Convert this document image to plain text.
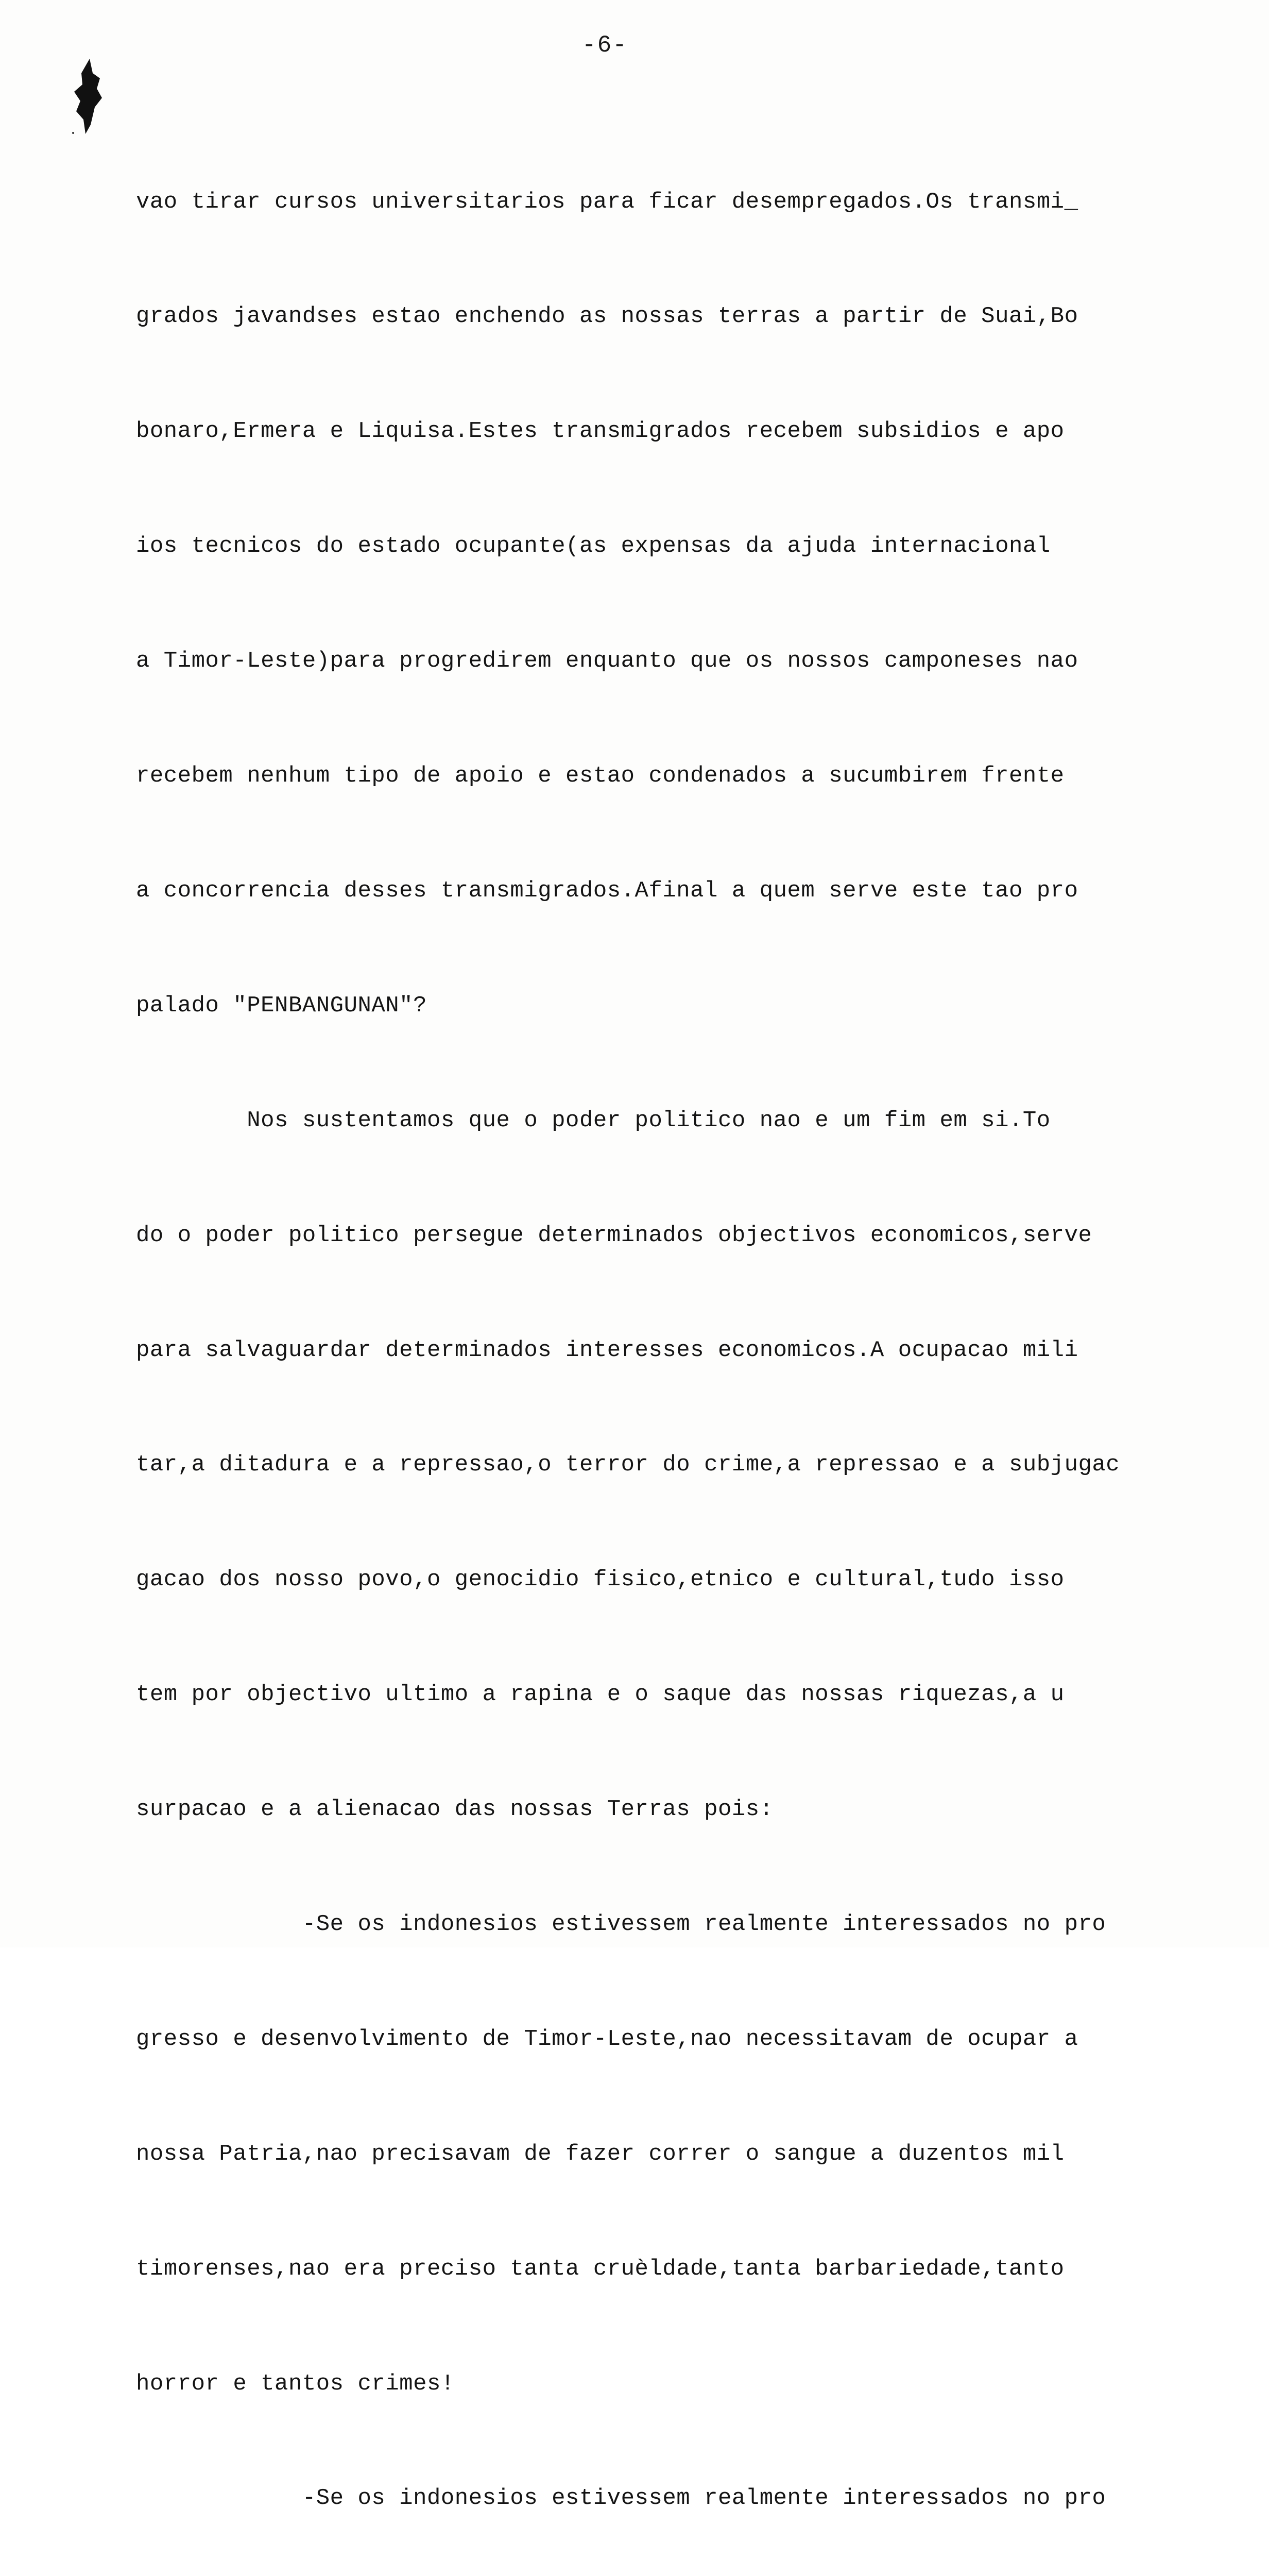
-6-

vao tirar cursos universitarios para ficar desempregados.Os transmi_

grados javandses estao enchendo as nossas terras a partir de Suai,Bo

bonaro,Ermera e Liquisa.Estes transmigrados recebem subsidios e apo

ios tecnicos do estado ocupante(as expensas da ajuda internacional

a Timor-Leste)para progredirem enquanto que os nossos camponeses nao

recebem nenhum tipo de apoio e estao condenados a sucumbirem frente

a concorrencia desses transmigrados.Afinal a quem serve este tao pro

palado "PENBANGUNAN"?

Nos sustentamos que o poder politico nao e um fim em si.To

do o poder politico persegue determinados objectivos economicos,serve

para salvaguardar determinados interesses economicos.A ocupacao mili

tar,a ditadura e a repressao,o terror do crime,a repressao e a subjugac

gacao dos nosso povo,o genocidio fisico,etnico e cultural,tudo isso

tem por objectivo ultimo a rapina e o saque das nossas riquezas,a u

surpacao e a alienacao das nossas Terras pois:

-Se os indonesios estivessem realmente interessados no pro

gresso e desenvolvimento de Timor-Leste,nao necessitavam de ocupar a

nossa Patria,nao precisavam de fazer correr o sangue a duzentos mil

timorenses,nao era preciso tanta cruèldade,tanta barbariedade,tanto

horror e tantos crimes!

-Se os indonesios estivessem realmente interessados no pro
